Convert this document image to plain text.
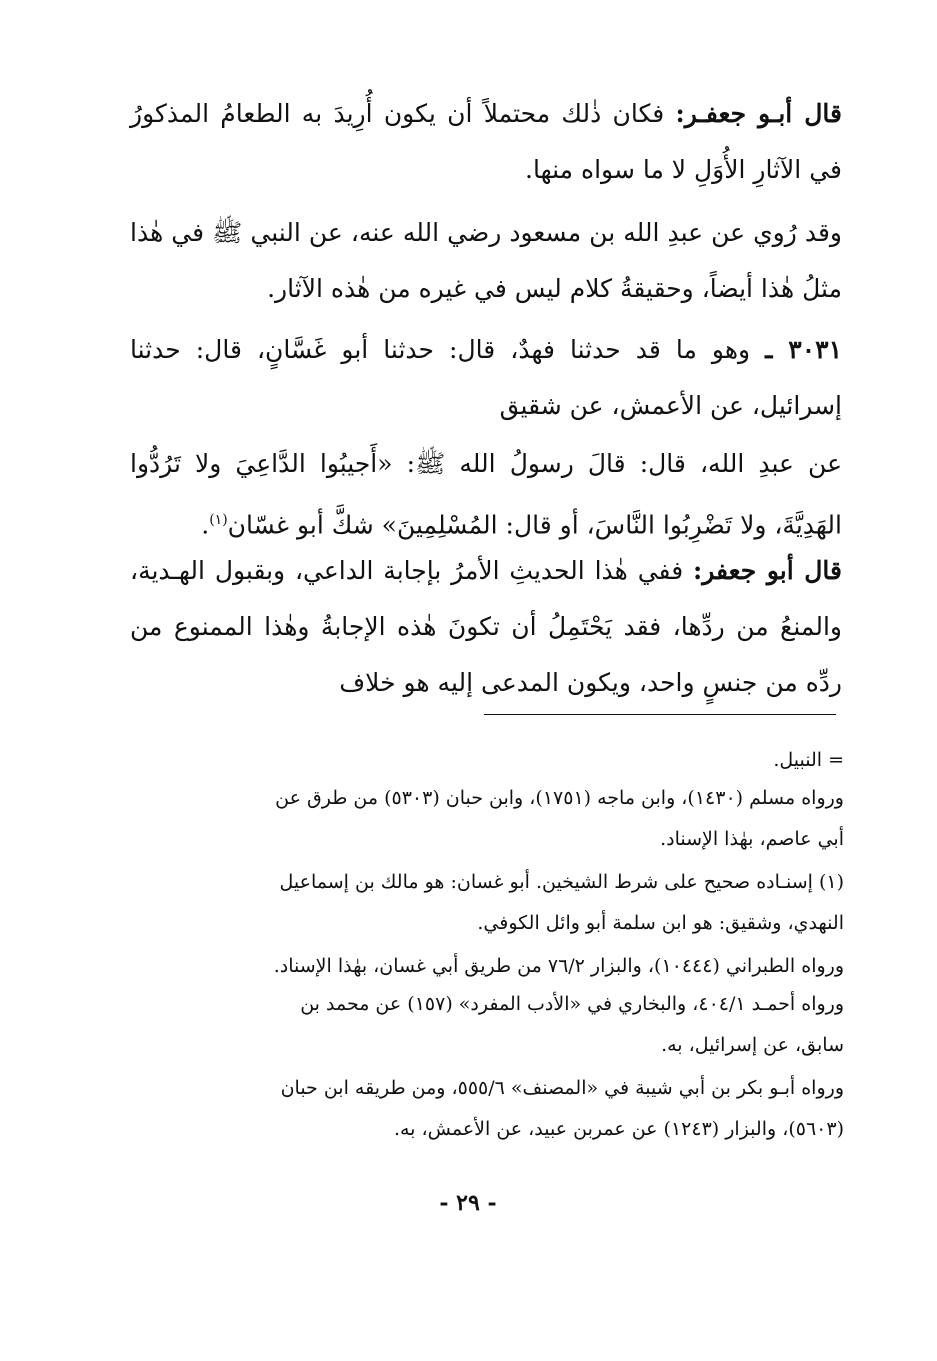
قال أبـو جعفـر: فكان ذٰلك محتملاً أن يكون أُرِيدَ به الطعامُ المذكورُ في الآثارِ الأُوَلِ لا ما سواه منها.

وقد رُوي عن عبدِ الله بن مسعود رضي الله عنه، عن النبي ﷺ في هٰذا مثلُ هٰذا أيضاً، وحقيقةُ كلام ليس في غيره من هٰذه الآثار.

٣٠٣١ ـ وهو ما قد حدثنا فهدٌ، قال: حدثنا أبو غَسَّانٍ، قال: حدثنا إسرائيل، عن الأعمش، عن شقيق

عن عبدِ الله، قال: قالَ رسولُ الله ﷺ: «أَجيبُوا الدَّاعِيَ ولا تَرُدُّوا الهَدِيَّةَ، ولا تَضْرِبُوا النَّاسَ، أو قال: المُسْلِمِينَ» شكَّ أبو غسّان$^{(١)}$.

قال أبو جعفر: ففي هٰذا الحديثِ الأمرُ بإجابة الداعي، وبقبول الهـدية، والمنعُ من ردِّها، فقد يَحْتَمِلُ أن تكونَ هٰذه الإجابةُ وهٰذا الممنوع من ردِّه من جنسٍ واحد، ويكون المدعى إليه هو خلاف

= النبيل.

ورواه مسلم (١٤٣٠)، وابن ماجه (١٧٥١)، وابن حبان (٥٣٠٣) من طرق عن

أبي عاصم، بهٰذا الإسناد.

(١) إسنـاده صحيح على شرط الشيخين. أبو غسان: هو مالك بن إسماعيل

النهدي، وشقيق: هو ابن سلمة أبو وائل الكوفي.

ورواه الطبراني (١٠٤٤٤)، والبزار ٧٦/٢ من طريق أبي غسان، بهٰذا الإسناد.

ورواه أحمـد ٤٠٤/١، والبخاري في «الأدب المفرد» (١٥٧) عن محمد بن

سابق، عن إسرائيل، به.

ورواه أبـو بكر بن أبي شيبة في «المصنف» ٥٥٥/٦، ومن طريقه ابن حبان

(٥٦٠٣)، والبزار (١٢٤٣) عن عمربن عبيد، عن الأعمش، به.

- ٢٩ -
